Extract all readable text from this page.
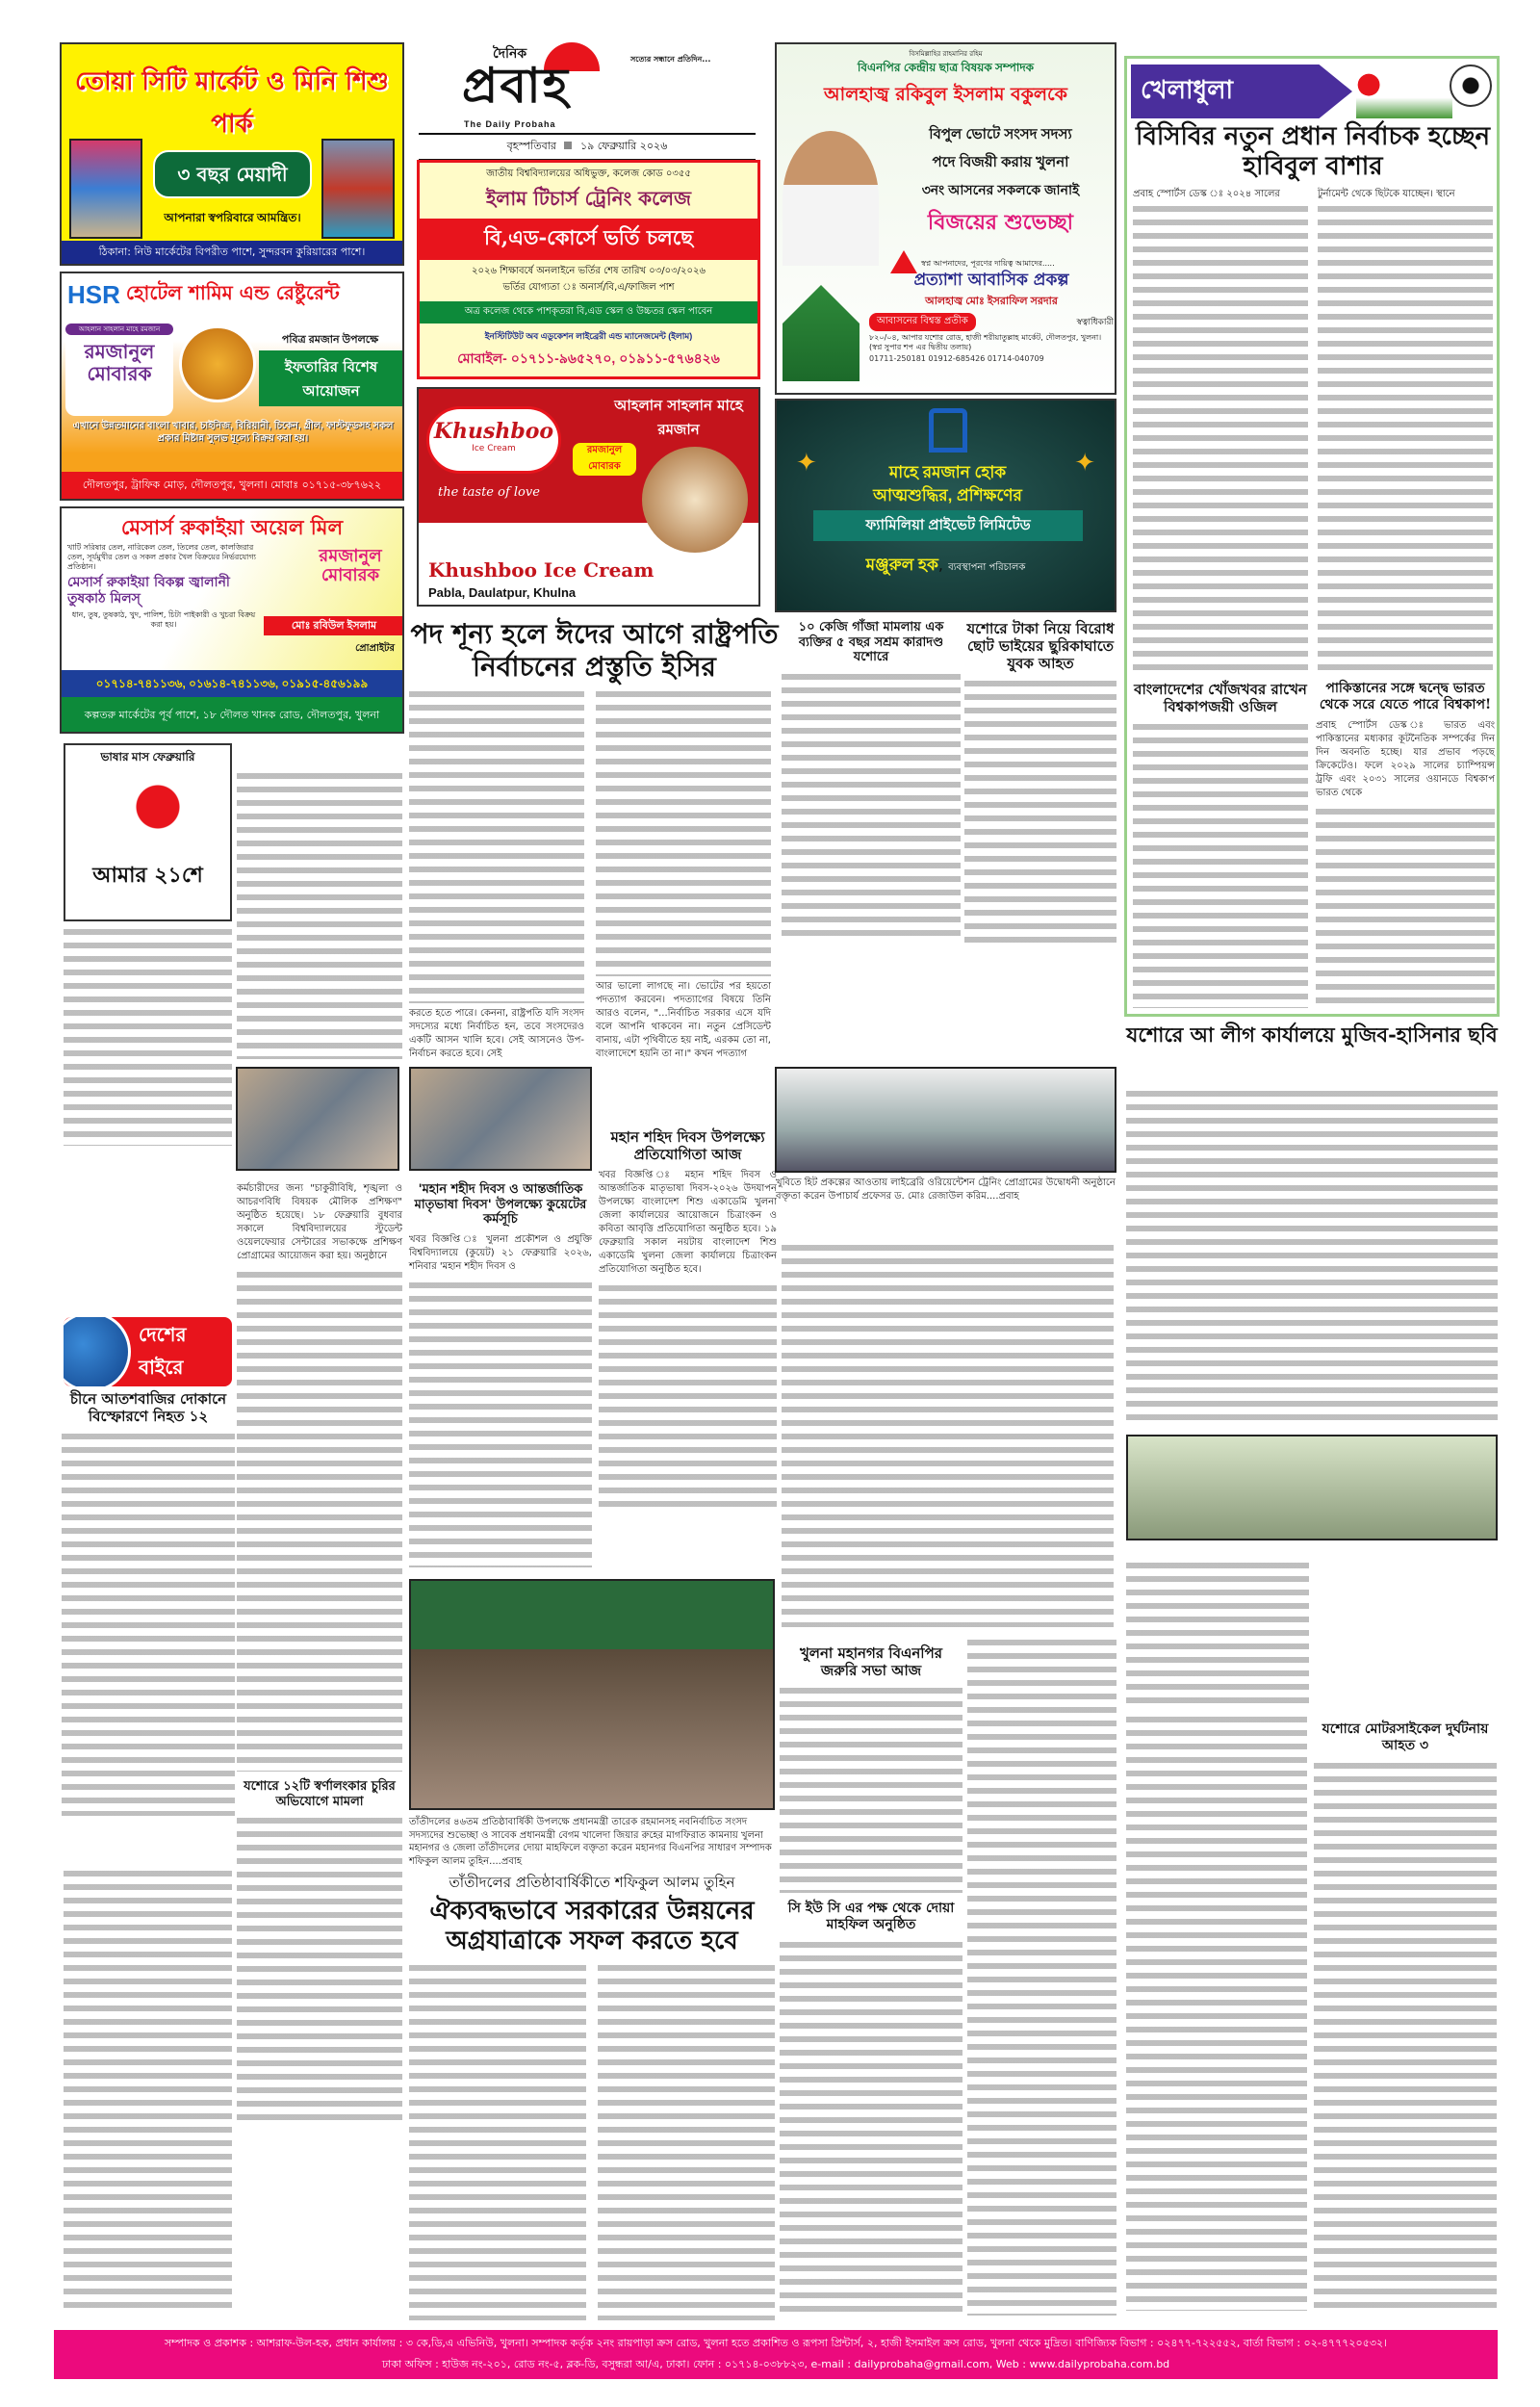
তোয়া সিটি মার্কেট ও মিনি শিশু পার্ক
৩ বছর মেয়াদী
আপনারা স্বপরিবারে আমন্ত্রিত।
ঠিকানা: নিউ মার্কেটের বিপরীত পাশে, সুন্দরবন কুরিয়ারের পাশে।
HSR হোটেল শামিম এন্ড রেষ্টুরেন্ট
আহলান সাহলান মাহে রমজান
রমজানুল মোবারক
পবিত্র রমজান উপলক্ষে
ইফতারির বিশেষ আয়োজন
এখানে উন্নতমানের বাংলা খাবার, চাইনিজ, বিরিয়ানী, চিকেন, গ্রীল, ফাস্টফুডসহ সকল প্রকার মিষ্টান্ন সুলভ মূল্যে বিক্রয় করা হয়।
দৌলতপুর, ট্রাফিক মোড়, দৌলতপুর, খুলনা। মোবাঃ ০১৭১৫-৩৮৭৬২২
মেসার্স রুকাইয়া অয়েল মিল
খাটি সরিষার তেল, নারিকেল তেল, তিলের তেল, কালজিরার তেল, সূর্যমুখীর তেল ও সকল প্রকার খৈল বিক্রয়ের নির্ভরযোগ্য প্রতিষ্ঠান।
মেসার্স রুকাইয়া বিকল্প জ্বালানী তুষকাঠ মিলস্
ধান, তুষ, তুষকাঠ, খুদ, পালিশ, চিটা পাইকারী ও খুচরা বিক্রয় করা হয়।
রমজানুল মোবারক
মোঃ রবিউল ইসলাম
প্রোপ্রাইটর
০১৭১৪-৭৪১১৩৬, ০১৬১৪-৭৪১১৩৬, ০১৯১৫-৪৫৬১৯৯
কল্পতরু মার্কেটের পূর্ব পাশে, ১৮ দৌলত খানক রোড, দৌলতপুর, খুলনা
দৈনিক	সত্যের সন্ধানে প্রতিদিন...
প্রবাহ
The Daily Probaha
বৃহস্পতিবার ১৯ ফেব্রুয়ারি ২০২৬
জাতীয় বিশ্ববিদ্যালয়ের অধিভুক্ত, কলেজ কোড ০৩৫৫
ইলাম টিচার্স ট্রেনিং কলেজ
বি,এড-কোর্সে ভর্তি চলছে
২০২৬ শিক্ষাবর্ষে অনলাইনে ভর্তির শেষ তারিখ ০৩/০৩/২০২৬
ভর্তির যোগ্যতা ঃ অনার্স/বি,এ/ফাজিল পাশ
অত্র কলেজ থেকে পাশকৃতরা বি,এড স্কেল ও উচ্চতর স্কেল পাবেন
ইনস্টিটিউট অব এডুকেশন লাইব্রেরী এন্ড ম্যানেজমেন্ট (ইলাম)
মোবাইল- ০১৭১১-৯৬৫২৭০, ০১৯১১-৫৭৬৪২৬
Khushboo
Ice Cream
the taste of love
আহলান সাহলান মাহে রমজান
রমজানুল মোবারক
Khushboo Ice Cream
Pabla, Daulatpur, Khulna
বিসমিল্লাহির রাহমানির রহিম
বিএনপির কেন্দ্রীয় ছাত্র বিষয়ক সম্পাদক
আলহাজ্ব রকিবুল ইসলাম বকুলকে
বিপুল ভোটে সংসদ সদস্য
পদে বিজয়ী করায় খুলনা
৩নং আসনের সকলকে জানাই
বিজয়ের শুভেচ্ছা
স্বপ্ন আপনাদের, পূরণের দায়িত্ব আমাদের.....
প্রত্যাশা আবাসিক প্রকল্প
আলহাজ্ব মোঃ ইসরাফিল সরদার
আবাসনের বিশ্বস্ত প্রতীক	স্বত্বাধিকারী
৮২০/০৪, আপার যশোর রোড, হাজী শরীয়াতুল্লাহ মার্কেট, দৌলতপুর, খুলনা। (স্বপ্ন সুপার শপ এর দ্বিতীয় তলায়)
01711-250181 01912-685426 01714-040709
✦	✦
মাহে রমজান হোক
আত্মশুদ্ধির, প্রশিক্ষণের
ফ্যামিলিয়া প্রাইভেট লিমিটেড
মঞ্জুরুল হক, ব্যবস্থাপনা পরিচালক
খেলাধুলা	●
বিসিবির নতুন প্রধান নির্বাচক হচ্ছেন হাবিবুল বাশার
প্রবাহ স্পোর্টস ডেস্ক ঃ ২০২৪ সালের	টুর্নামেন্ট থেকে ছিটকে যাচ্ছেন। স্থানে
পাকিস্তানের সঙ্গে দ্বন্দ্বে ভারত থেকে সরে যেতে পারে বিশ্বকাপ!
প্রবাহ স্পোর্টস ডেস্ক ঃ ভারত এবং পাকিস্তানের মধ্যকার কূটনৈতিক সম্পর্কের দিন দিন অবনতি হচ্ছে। যার প্রভাব পড়ছে ক্রিকেটেও। ফলে ২০২৯ সালের চ্যাম্পিয়ন্স ট্রফি এবং ২০৩১ সালের ওয়ানডে বিশ্বকাপ ভারত থেকে
বাংলাদেশের খোঁজখবর রাখেন বিশ্বকাপজয়ী ওজিল
পদ শূন্য হলে ঈদের আগে রাষ্ট্রপতি নির্বাচনের প্রস্তুতি ইসির
করতে হতে পারে। কেননা, রাষ্ট্রপতি যদি সংসদ সদস্যের মধ্যে নির্বাচিত হন, তবে সংসদেরও একটি আসন খালি হবে। সেই আসনেও উপ-নির্বাচন করতে হবে। সেই
আর ভালো লাগছে না। ভোটের পর হয়তো পদত্যাগ করবেন। পদত্যাগের বিষয়ে তিনি আরও বলেন, "...নির্বাচিত সরকার এসে যদি বলে আপনি থাকবেন না। নতুন প্রেসিডেন্ট বানায়, এটা পৃথিবীতে হয় নাই, এরকম তো না, বাংলাদেশে হয়নি তা না।" কখন পদত্যাগ
১০ কেজি গাঁজা মামলায় এক ব্যক্তির ৫ বছর সশ্রম কারাদণ্ড যশোরে
যশোরে টাকা নিয়ে বিরোধ ছোট ভাইয়ের ছুরিকাঘাতে যুবক আহত
ভাষার মাস ফেব্রুয়ারি
আমার ২১শে
খুবিতে হিট প্রকল্পের আওতায় লাইব্রেরি ওরিয়েন্টেশন ট্রেনিং প্রোগ্রামের উদ্বোধনী অনুষ্ঠানে বক্তৃতা করেন উপাচার্য প্রফেসর ড. মোঃ রেজাউল করিম....প্রবাহ
মহান শহিদ দিবস উপলক্ষ্যে প্রতিযোগিতা আজ
খবর বিজ্ঞপ্তি ঃ মহান শহিদ দিবস ও আন্তর্জাতিক মাতৃভাষা দিবস-২০২৬ উদযাপন উপলক্ষ্যে বাংলাদেশ শিশু একাডেমি খুলনা জেলা কার্যালয়ের আয়োজনে চিত্রাংকন ও কবিতা আবৃত্তি প্রতিযোগিতা অনুষ্ঠিত হবে। ১৯ ফেব্রুয়ারি সকাল নয়টায় বাংলাদেশ শিশু একাডেমি খুলনা জেলা কার্যালয়ে চিত্রাংকন প্রতিযোগিতা অনুষ্ঠিত হবে।
'মহান শহীদ দিবস ও আন্তর্জাতিক মাতৃভাষা দিবস' উপলক্ষ্যে কুয়েটের কর্মসূচি
খবর বিজ্ঞপ্তি ঃ খুলনা প্রকৌশল ও প্রযুক্তি বিশ্ববিদ্যালয়ে (কুয়েট) ২১ ফেব্রুয়ারি ২০২৬, শনিবার 'মহান শহীদ দিবস ও
যশোরে আ লীগ কার্যালয়ে মুজিব-হাসিনার ছবি
যশোরে মোটরসাইকেল দুর্ঘটনায় আহত ৩
দেশের
বাইরে
চীনে আতশবাজির দোকানে বিস্ফোরণে নিহত ১২
কর্মচারীদের জন্য "চাকুরীবিধি, শৃঙ্খলা ও আচরণবিধি বিষয়ক মৌলিক প্রশিক্ষণ" অনুষ্ঠিত হয়েছে। ১৮ ফেব্রুয়ারি বুধবার সকালে বিশ্ববিদ্যালয়ের স্টুডেন্ট ওয়েলফেয়ার সেন্টারের সভাকক্ষে প্রশিক্ষণ প্রোগ্রামের আয়োজন করা হয়। অনুষ্ঠানে
যশোরে ১২টি স্বর্ণালংকার চুরির অভিযোগে মামলা
তাঁতীদলের ৪৬তম প্রতিষ্ঠাবার্ষিকী উপলক্ষে প্রধানমন্ত্রী তারেক রহমানসহ নবনির্বাচিত সংসদ সদস্যদের শুভেচ্ছা ও সাবেক প্রধানমন্ত্রী বেগম খালেদা জিয়ার রুহের মাগফিরাত কামনায় খুলনা মহানগর ও জেলা তাঁতীদলের দোয়া মাহফিলে বক্তৃতা করেন মহানগর বিএনপির সাধারণ সম্পাদক শফিকুল আলম তুহিন....প্রবাহ
তাঁতীদলের প্রতিষ্ঠাবার্ষিকীতে শফিকুল আলম তুহিন
ঐক্যবদ্ধভাবে সরকারের উন্নয়নের অগ্রযাত্রাকে সফল করতে হবে
খুলনা মহানগর বিএনপির জরুরি সভা আজ
সি ইউ সি এর পক্ষ থেকে দোয়া মাহফিল অনুষ্ঠিত
সম্পাদক ও প্রকাশক : আশরাফ-উল-হক, প্রধান কার্যালয় : ৩ কে,ডি,এ এভিনিউ, খুলনা। সম্পাদক কর্তৃক ২নং রায়পাড়া ক্রস রোড, খুলনা হতে প্রকাশিত ও রূপসা প্রিন্টার্স, ২, হাজী ইসমাইল ক্রস রোড, খুলনা থেকে মুদ্রিত। বাণিজ্যিক বিভাগ : ০২৪৭৭-৭২২৫৫২, বার্তা বিভাগ : ০২-৪৭৭৭২০৫৩২।
ঢাকা অফিস : হাউজ নং-২০১, রোড নং-৫, ব্লক-ডি, বসুন্ধরা আ/এ, ঢাকা। ফোন : ০১৭১৪-০৩৮৮২৩, e-mail : dailyprobaha@gmail.com, Web : www.dailyprobaha.com.bd
